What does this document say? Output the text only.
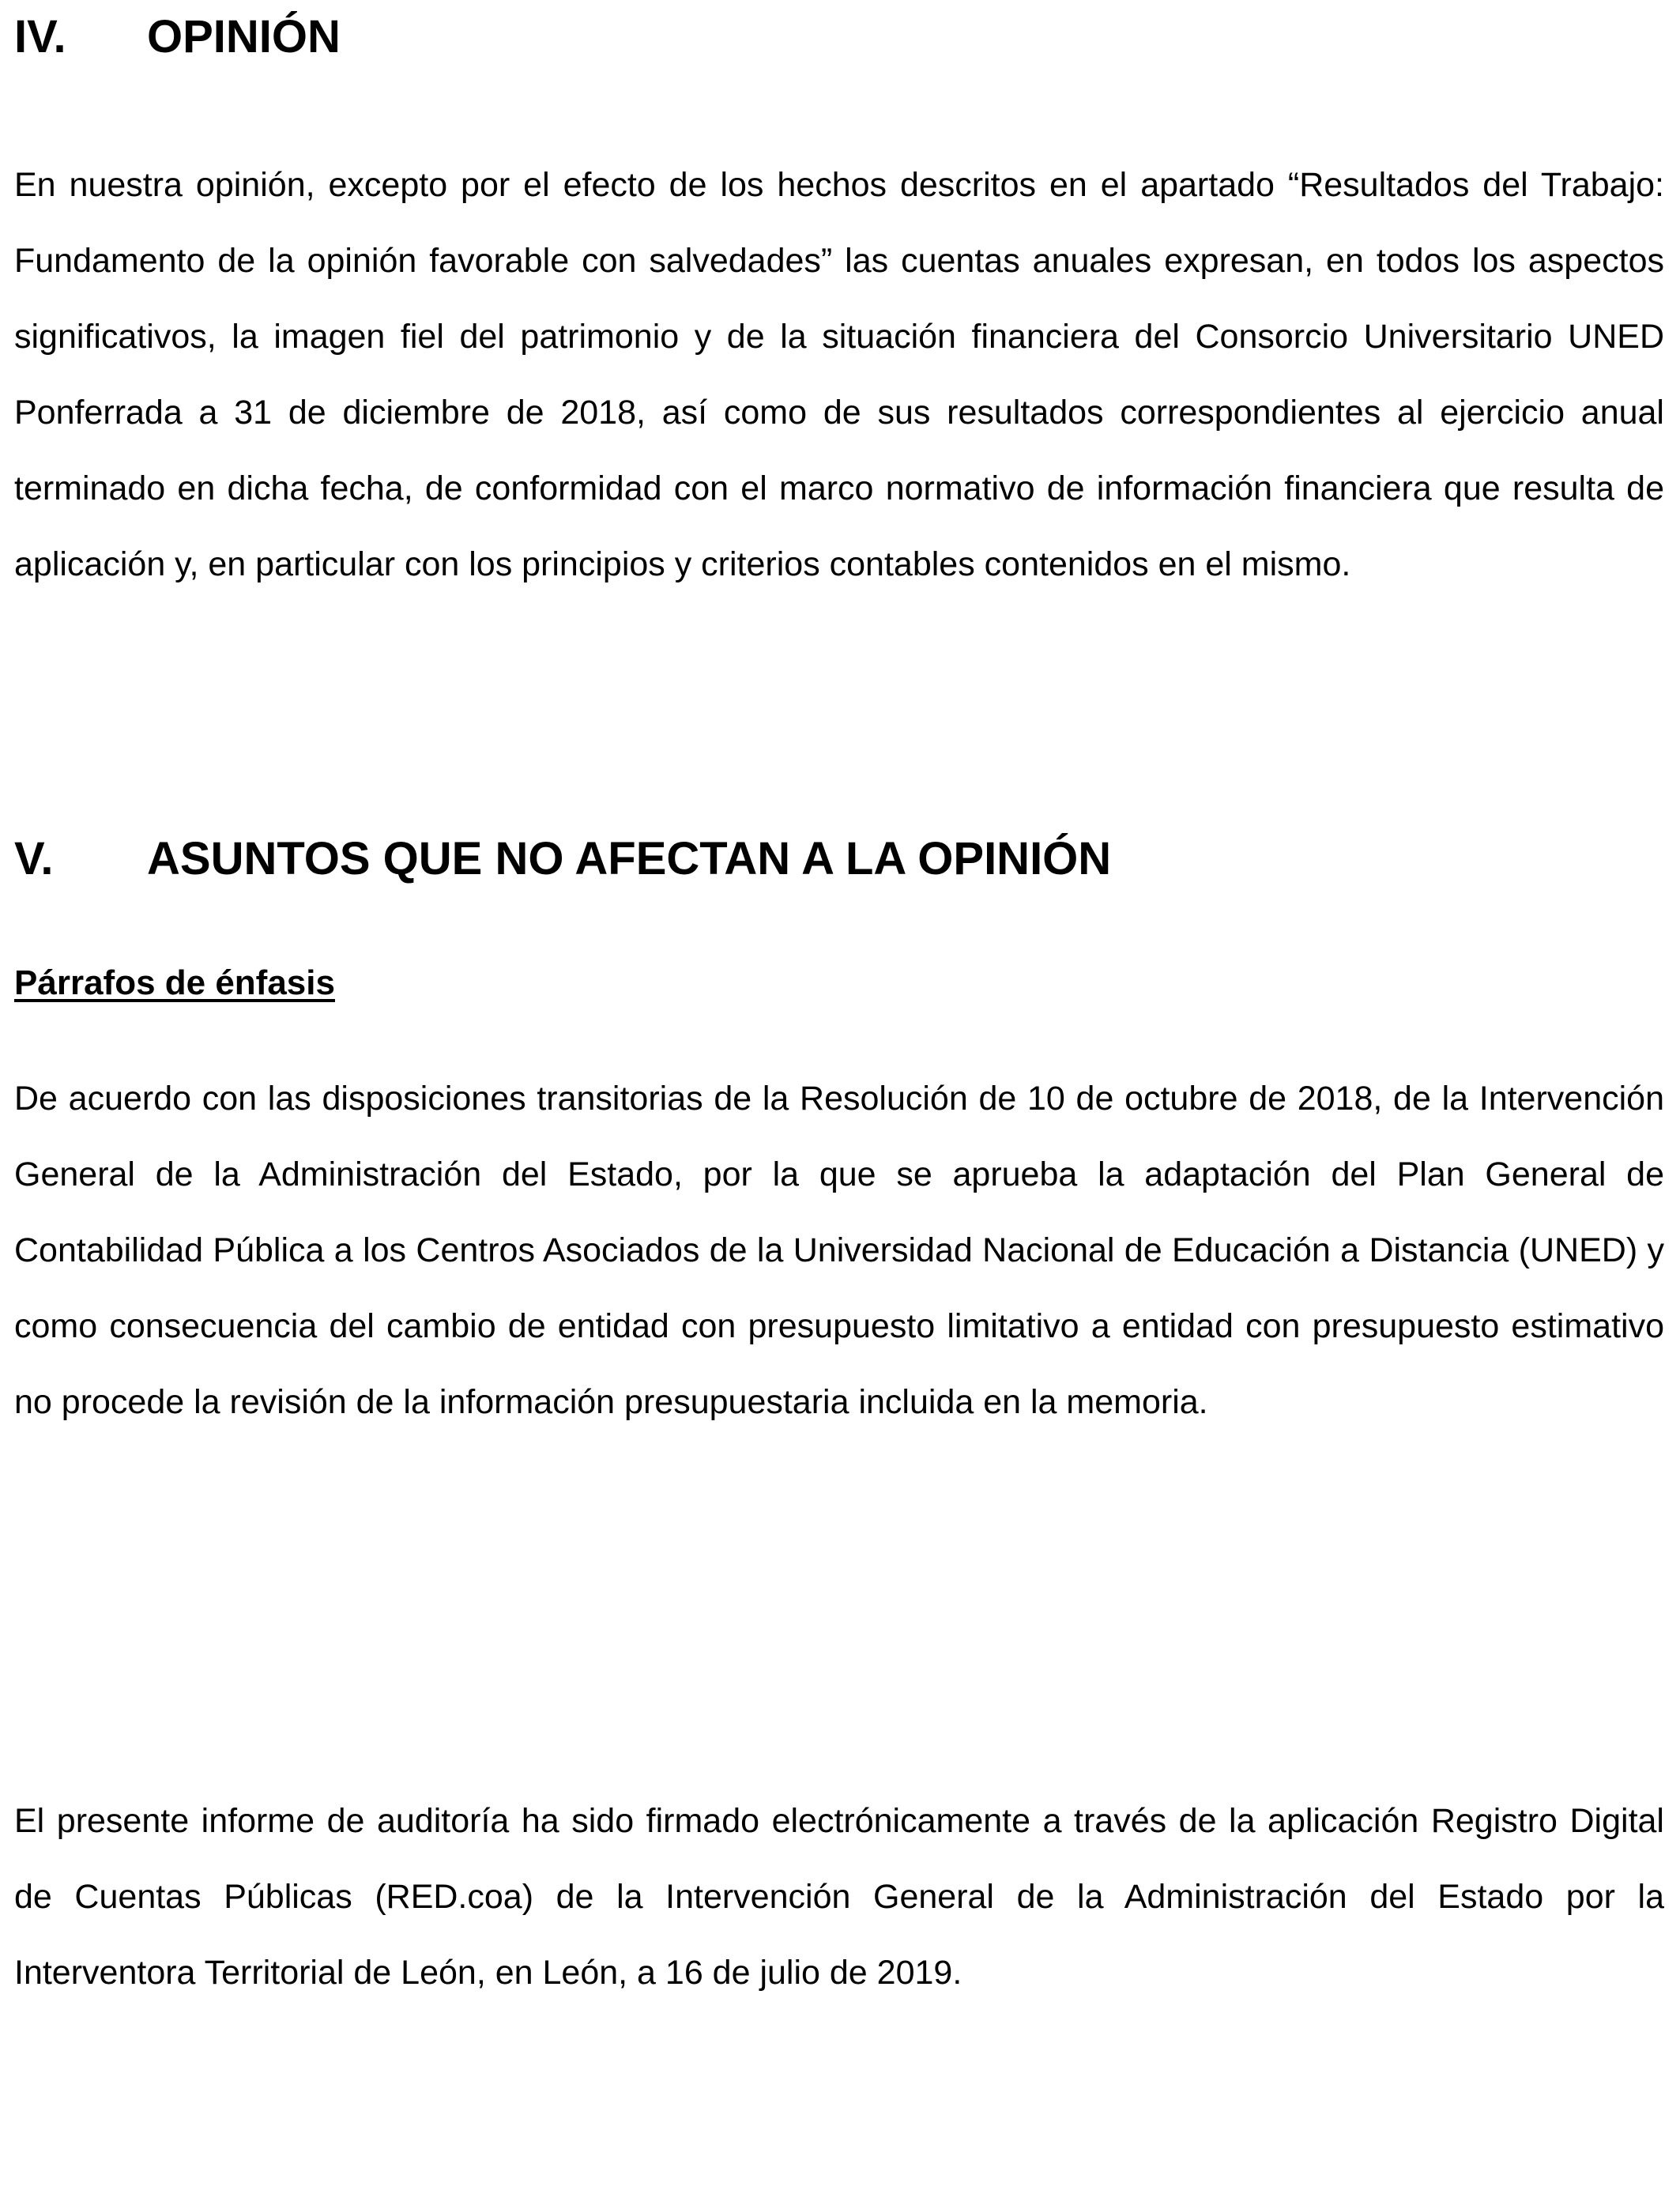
IV. OPINIÓN

En nuestra opinión, excepto por el efecto de los hechos descritos en el apartado “Resultados del Trabajo: Fundamento de la opinión favorable con salvedades” las cuentas anuales expresan, en todos los aspectos significativos, la imagen fiel del patrimonio y de la situación financiera del Consorcio Universitario UNED Ponferrada a 31 de diciembre de 2018, así como de sus resultados correspondientes al ejercicio anual terminado en dicha fecha, de conformidad con el marco normativo de información financiera que resulta de aplicación y, en particular con los principios y criterios contables contenidos en el mismo.

V. ASUNTOS QUE NO AFECTAN A LA OPINIÓN
Párrafos de énfasis

De acuerdo con las disposiciones transitorias de la Resolución de 10 de octubre de 2018, de la Intervención General de la Administración del Estado, por la que se aprueba la adaptación del Plan General de Contabilidad Pública a los Centros Asociados de la Universidad Nacional de Educación a Distancia (UNED) y como consecuencia del cambio de entidad con presupuesto limitativo a entidad con presupuesto estimativo no procede la revisión de la información presupuestaria incluida en la memoria.

El presente informe de auditoría ha sido firmado electrónicamente a través de la aplicación Registro Digital de Cuentas Públicas (RED.coa) de la Intervención General de la Administración del Estado por la Interventora Territorial de León, en León, a 16 de julio de 2019.
